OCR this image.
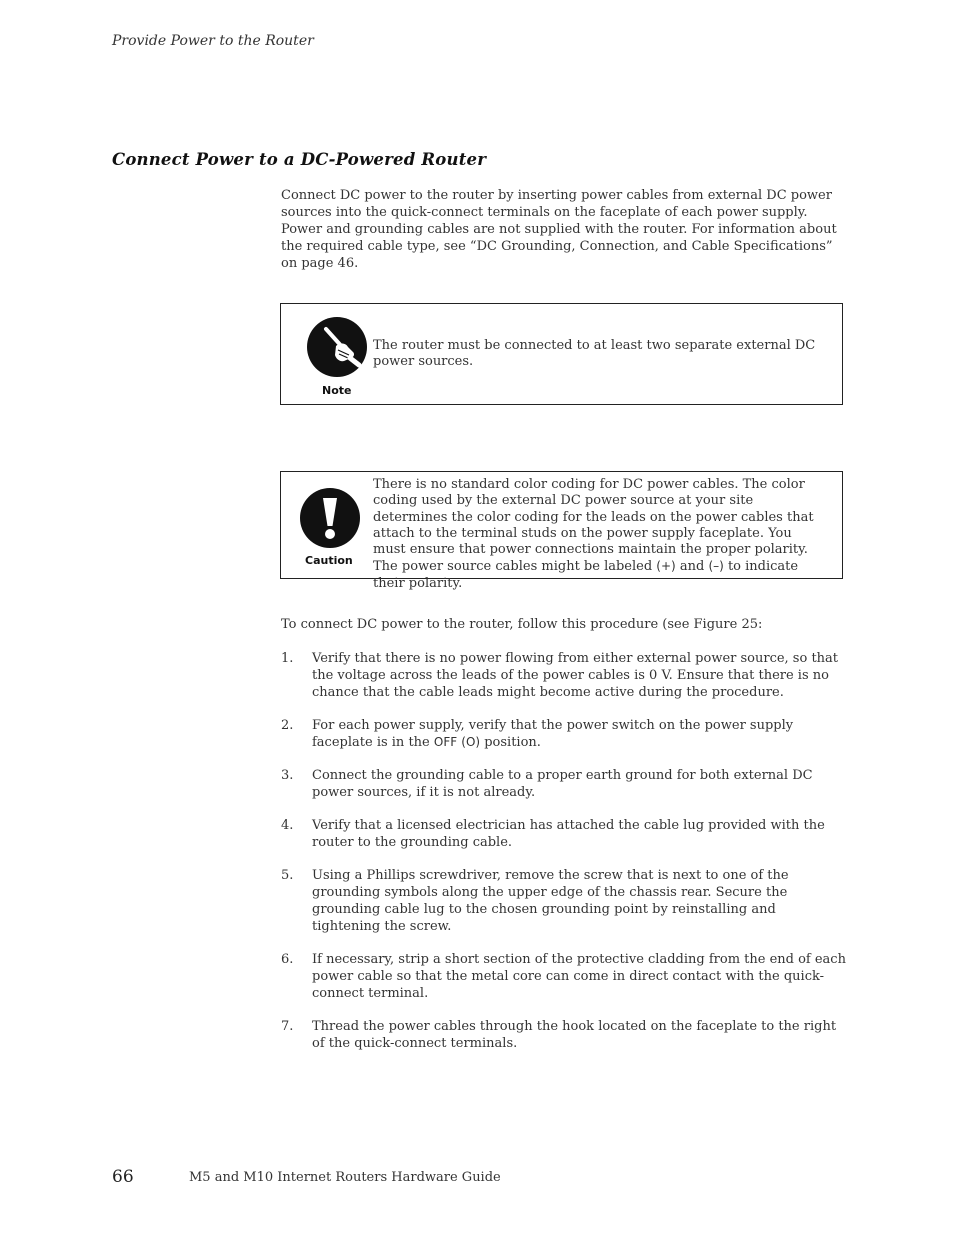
Provide Power to the Router
Connect Power to a DC-Powered Router

Connect DC power to the router by inserting power cables from external DC power sources into the quick-connect terminals on the faceplate of each power supply. Power and grounding cables are not supplied with the router. For information about the required cable type, see “DC Grounding, Connection, and Cable Specifications” on page 46.

Note
The router must be connected to at least two separate external DC power sources.
Caution
There is no standard color coding for DC power cables. The color coding used by the external DC power source at your site determines the color coding for the leads on the power cables that attach to the terminal studs on the power supply faceplate. You must ensure that power connections maintain the proper polarity. The power source cables might be labeled (+) and (–) to indicate their polarity.

To connect DC power to the router, follow this procedure (see Figure 25:

1. Verify that there is no power flowing from either external power source, so that the voltage across the leads of the power cables is 0 V. Ensure that there is no chance that the cable leads might become active during the procedure.
2. For each power supply, verify that the power switch on the power supply faceplate is in the OFF (O) position.
3. Connect the grounding cable to a proper earth ground for both external DC power sources, if it is not already.
4. Verify that a licensed electrician has attached the cable lug provided with the router to the grounding cable.
5. Using a Phillips screwdriver, remove the screw that is next to one of the grounding symbols along the upper edge of the chassis rear. Secure the grounding cable lug to the chosen grounding point by reinstalling and tightening the screw.
6. If necessary, strip a short section of the protective cladding from the end of each power cable so that the metal core can come in direct contact with the quick-connect terminal.
7. Thread the power cables through the hook located on the faceplate to the right of the quick-connect terminals.
66	M5 and M10 Internet Routers Hardware Guide
